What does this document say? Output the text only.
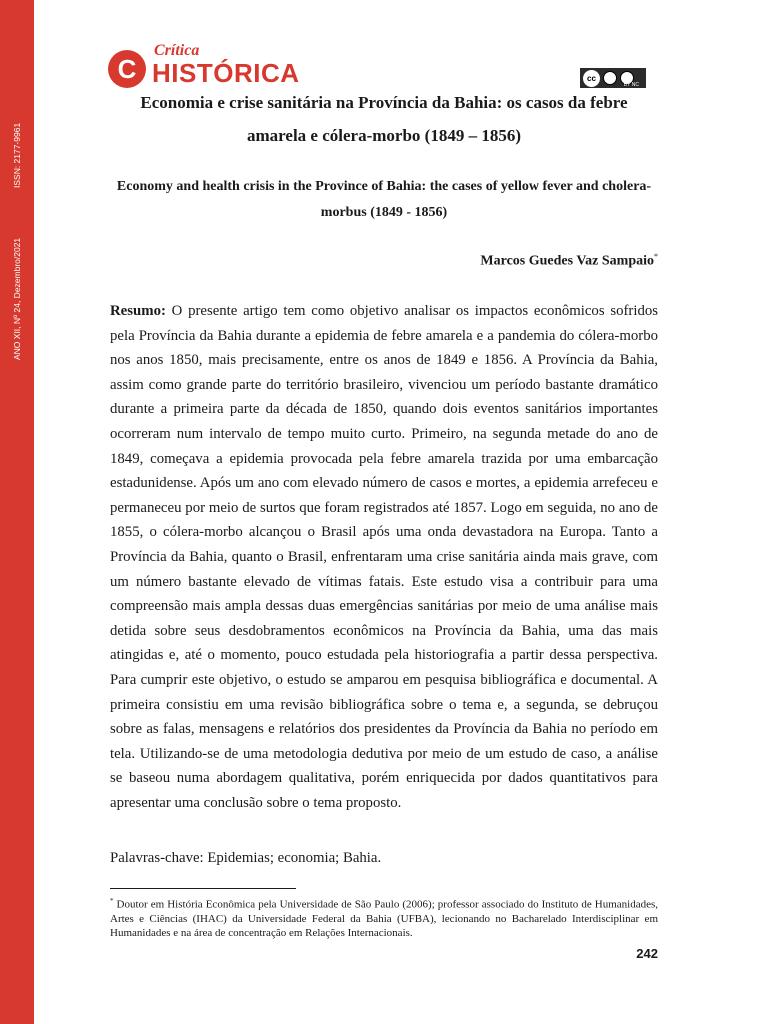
ISSN: 2177-9961
ANO XII, Nº 24, Dezembro/2021
C
Crítica
HISTÓRICA	cc
BY NC
Economia e crise sanitária na Província da Bahia: os casos da febre amarela e cólera-morbo (1849 – 1856)
Economy and health crisis in the Province of Bahia: the cases of yellow fever and cholera-morbus (1849 - 1856)
Marcos Guedes Vaz Sampaio*

Resumo: O presente artigo tem como objetivo analisar os impactos econômicos sofridos pela Província da Bahia durante a epidemia de febre amarela e a pandemia do cólera-morbo nos anos 1850, mais precisamente, entre os anos de 1849 e 1856. A Província da Bahia, assim como grande parte do território brasileiro, vivenciou um período bastante dramático durante a primeira parte da década de 1850, quando dois eventos sanitários importantes ocorreram num intervalo de tempo muito curto. Primeiro, na segunda metade do ano de 1849, começava a epidemia provocada pela febre amarela trazida por uma embarcação estadunidense. Após um ano com elevado número de casos e mortes, a epidemia arrefeceu e permaneceu por meio de surtos que foram registrados até 1857. Logo em seguida, no ano de 1855, o cólera-morbo alcançou o Brasil após uma onda devastadora na Europa. Tanto a Província da Bahia, quanto o Brasil, enfrentaram uma crise sanitária ainda mais grave, com um número bastante elevado de vítimas fatais. Este estudo visa a contribuir para uma compreensão mais ampla dessas duas emergências sanitárias por meio de uma análise mais detida sobre seus desdobramentos econômicos na Província da Bahia, uma das mais atingidas e, até o momento, pouco estudada pela historiografia a partir dessa perspectiva. Para cumprir este objetivo, o estudo se amparou em pesquisa bibliográfica e documental. A primeira consistiu em uma revisão bibliográfica sobre o tema e, a segunda, se debruçou sobre as falas, mensagens e relatórios dos presidentes da Província da Bahia no período em tela. Utilizando-se de uma metodologia dedutiva por meio de um estudo de caso, a análise se baseou numa abordagem qualitativa, porém enriquecida por dados quantitativos para apresentar uma conclusão sobre o tema proposto.

Palavras-chave: Epidemias; economia; Bahia.

* Doutor em História Econômica pela Universidade de São Paulo (2006); professor associado do Instituto de Humanidades, Artes e Ciências (IHAC) da Universidade Federal da Bahia (UFBA), lecionando no Bacharelado Interdisciplinar em Humanidades e na área de concentração em Relações Internacionais.

242
